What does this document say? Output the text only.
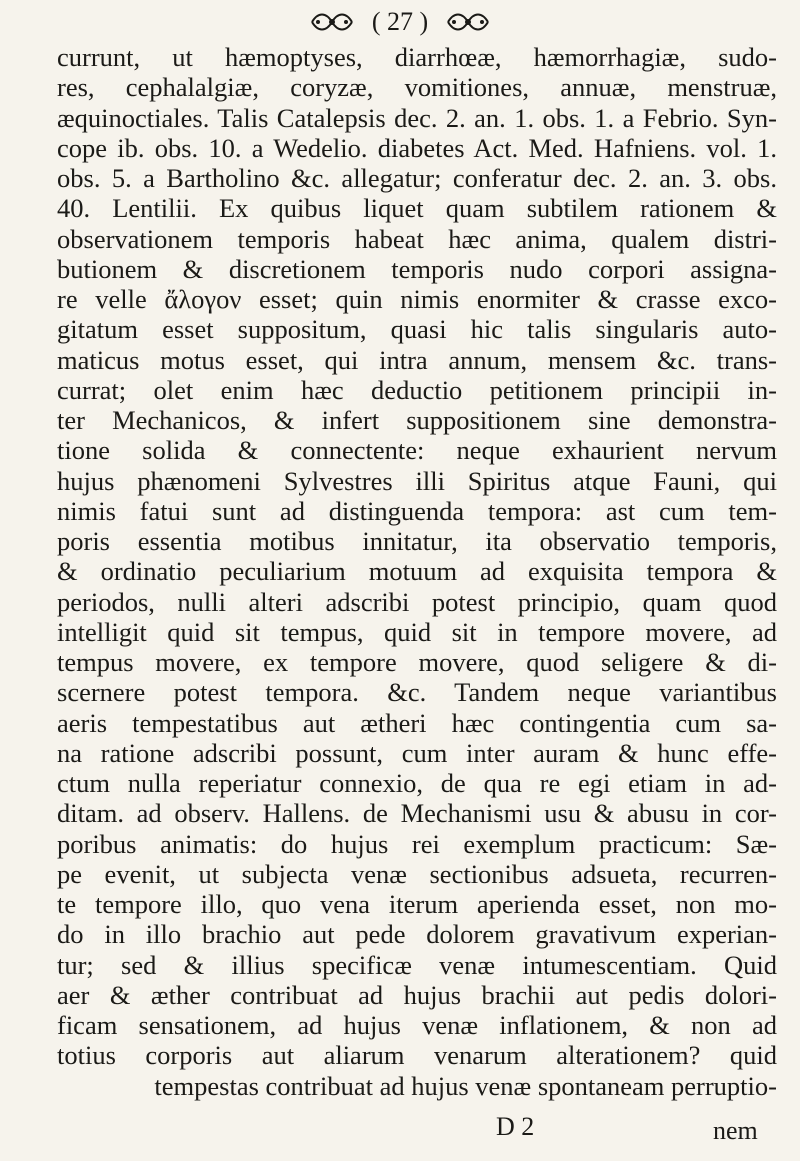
( 27 )
currunt, ut hæmoptyses, diarrhœæ, hæmorrhagiæ, sudo-
res, cephalalgiæ, coryzæ, vomitiones, annuæ, menstruæ,
æquinoctiales. Talis Catalepsis dec. 2. an. 1. obs. 1. a Febrio. Syn-
cope ib. obs. 10. a Wedelio. diabetes Act. Med. Hafniens. vol. 1.
obs. 5. a Bartholino &c. allegatur; conferatur dec. 2. an. 3. obs.
40. Lentilii. Ex quibus liquet quam subtilem rationem &
observationem temporis habeat hæc anima, qualem distri-
butionem & discretionem temporis nudo corpori assigna-
re velle ἄλογον esset; quin nimis enormiter & crasse exco-
gitatum esset suppositum, quasi hic talis singularis auto-
maticus motus esset, qui intra annum, mensem &c. trans-
currat; olet enim hæc deductio petitionem principii in-
ter Mechanicos, & infert suppositionem sine demonstra-
tione solida & connectente: neque exhaurient nervum
hujus phænomeni Sylvestres illi Spiritus atque Fauni, qui
nimis fatui sunt ad distinguenda tempora: ast cum tem-
poris essentia motibus innitatur, ita observatio temporis,
& ordinatio peculiarium motuum ad exquisita tempora &
periodos, nulli alteri adscribi potest principio, quam quod
intelligit quid sit tempus, quid sit in tempore movere, ad
tempus movere, ex tempore movere, quod seligere & di-
scernere potest tempora. &c. Tandem neque variantibus
aeris tempestatibus aut ætheri hæc contingentia cum sa-
na ratione adscribi possunt, cum inter auram & hunc effe-
ctum nulla reperiatur connexio, de qua re egi etiam in ad-
ditam. ad observ. Hallens. de Mechanismi usu & abusu in cor-
poribus animatis: do hujus rei exemplum practicum: Sæ-
pe evenit, ut subjecta venæ sectionibus adsueta, recurren-
te tempore illo, quo vena iterum aperienda esset, non mo-
do in illo brachio aut pede dolorem gravativum experian-
tur; sed & illius specificæ venæ intumescentiam. Quid
aer & æther contribuat ad hujus brachii aut pedis dolori-
ficam sensationem, ad hujus venæ inflationem, & non ad
totius corporis aut aliarum venarum alterationem? quid
tempestas contribuat ad hujus venæ spontaneam perruptio-
D 2	nem
